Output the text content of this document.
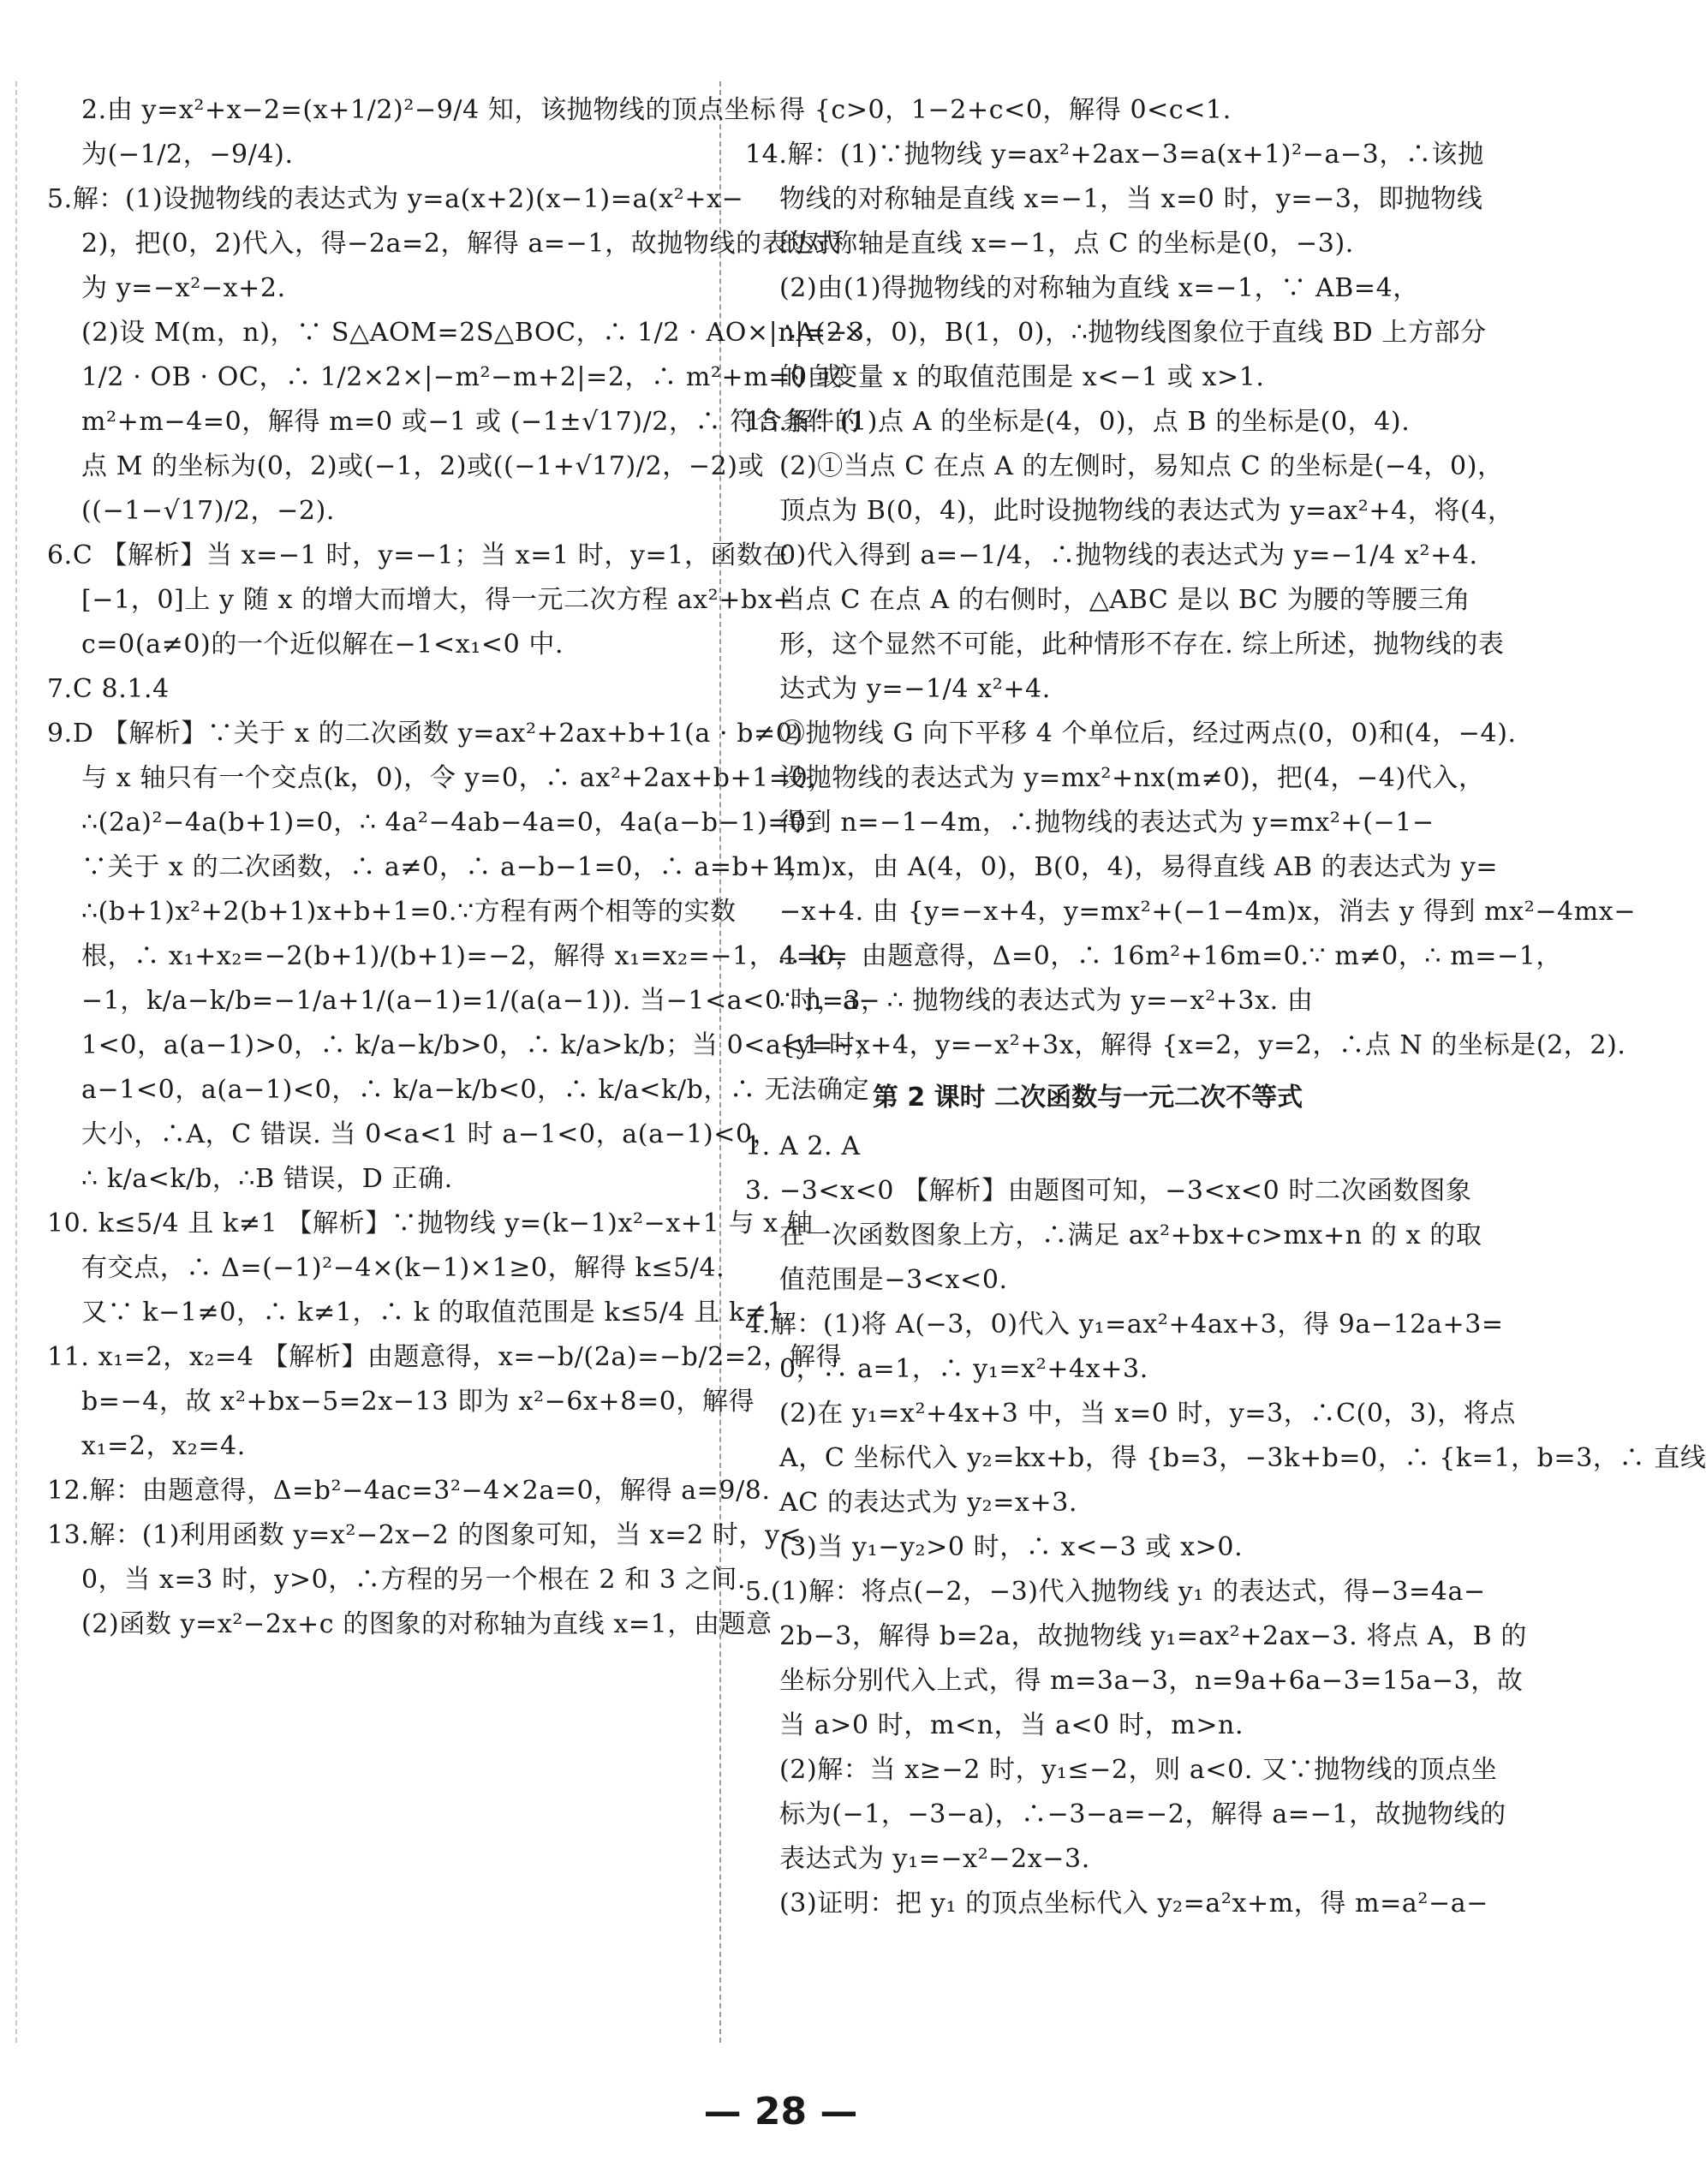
2.由 y=x²+x−2=(x+1/2)²−9/4 知，该抛物线的顶点坐标
为(−1/2，−9/4).
5.解：(1)设抛物线的表达式为 y=a(x+2)(x−1)=a(x²+x−
2)，把(0，2)代入，得−2a=2，解得 a=−1，故抛物线的表达式
为 y=−x²−x+2.
(2)设 M(m，n)，∵ S△AOM=2S△BOC，∴ 1/2 · AO×|n|=2×
1/2 · OB · OC，∴ 1/2×2×|−m²−m+2|=2，∴ m²+m=0 或
m²+m−4=0，解得 m=0 或−1 或 (−1±√17)/2，∴ 符合条件的
点 M 的坐标为(0，2)或(−1，2)或((−1+√17)/2，−2)或
((−1−√17)/2，−2).
6.C 【解析】当 x=−1 时，y=−1；当 x=1 时，y=1，函数在
[−1，0]上 y 随 x 的增大而增大，得一元二次方程 ax²+bx+
c=0(a≠0)的一个近似解在−1<x₁<0 中.
7.C 8.1.4
9.D 【解析】∵关于 x 的二次函数 y=ax²+2ax+b+1(a · b≠0)
与 x 轴只有一个交点(k，0)，令 y=0，∴ ax²+2ax+b+1=0，
∴(2a)²−4a(b+1)=0，∴ 4a²−4ab−4a=0，4a(a−b−1)=0.
∵关于 x 的二次函数，∴ a≠0，∴ a−b−1=0，∴ a=b+1，
∴(b+1)x²+2(b+1)x+b+1=0.∵方程有两个相等的实数
根，∴ x₁+x₂=−2(b+1)/(b+1)=−2，解得 x₁=x₂=−1，∴ k=
−1，k/a−k/b=−1/a+1/(a−1)=1/(a(a−1)). 当−1<a<0 时，a−
1<0，a(a−1)>0，∴ k/a−k/b>0，∴ k/a>k/b；当 0<a<1 时，
a−1<0，a(a−1)<0，∴ k/a−k/b<0，∴ k/a<k/b，∴ 无法确定
大小，∴A，C 错误. 当 0<a<1 时 a−1<0，a(a−1)<0，
∴ k/a<k/b，∴B 错误，D 正确.
10. k≤5/4 且 k≠1 【解析】∵抛物线 y=(k−1)x²−x+1 与 x 轴
有交点，∴ Δ=(−1)²−4×(k−1)×1≥0，解得 k≤5/4.
又∵ k−1≠0，∴ k≠1，∴ k 的取值范围是 k≤5/4 且 k≠1.
11. x₁=2，x₂=4 【解析】由题意得，x=−b/(2a)=−b/2=2，解得
b=−4，故 x²+bx−5=2x−13 即为 x²−6x+8=0，解得
x₁=2，x₂=4.
12.解：由题意得，Δ=b²−4ac=3²−4×2a=0，解得 a=9/8.
13.解：(1)利用函数 y=x²−2x−2 的图象可知，当 x=2 时，y<
0，当 x=3 时，y>0，∴方程的另一个根在 2 和 3 之间.
(2)函数 y=x²−2x+c 的图象的对称轴为直线 x=1，由题意
得 {c>0，1−2+c<0，解得 0<c<1.
14.解：(1)∵抛物线 y=ax²+2ax−3=a(x+1)²−a−3，∴该抛
物线的对称轴是直线 x=−1，当 x=0 时，y=−3，即抛物线
的对称轴是直线 x=−1，点 C 的坐标是(0，−3).
(2)由(1)得抛物线的对称轴为直线 x=−1，∵ AB=4，
∴A(−3，0)，B(1，0)，∴抛物线图象位于直线 BD 上方部分
的自变量 x 的取值范围是 x<−1 或 x>1.
15.解：(1)点 A 的坐标是(4，0)，点 B 的坐标是(0，4).
(2)①当点 C 在点 A 的左侧时，易知点 C 的坐标是(−4，0)，
顶点为 B(0，4)，此时设抛物线的表达式为 y=ax²+4，将(4，
0)代入得到 a=−1/4，∴抛物线的表达式为 y=−1/4 x²+4.
当点 C 在点 A 的右侧时，△ABC 是以 BC 为腰的等腰三角
形，这个显然不可能，此种情形不存在. 综上所述，抛物线的表
达式为 y=−1/4 x²+4.
②抛物线 G 向下平移 4 个单位后，经过两点(0，0)和(4，−4).
设抛物线的表达式为 y=mx²+nx(m≠0)，把(4，−4)代入，
得到 n=−1−4m，∴抛物线的表达式为 y=mx²+(−1−
4m)x，由 A(4，0)，B(0，4)，易得直线 AB 的表达式为 y=
−x+4. 由 {y=−x+4，y=mx²+(−1−4m)x，消去 y 得到 mx²−4mx−
4=0，由题意得，Δ=0，∴ 16m²+16m=0.∵ m≠0，∴ m=−1，
∴ n=3，∴ 抛物线的表达式为 y=−x²+3x. 由
{y=−x+4，y=−x²+3x，解得 {x=2，y=2，∴点 N 的坐标是(2，2).
第 2 课时 二次函数与一元二次不等式
1. A 2. A
3. −3<x<0 【解析】由题图可知，−3<x<0 时二次函数图象
在一次函数图象上方，∴满足 ax²+bx+c>mx+n 的 x 的取
值范围是−3<x<0.
4.解：(1)将 A(−3，0)代入 y₁=ax²+4ax+3，得 9a−12a+3=
0，∴ a=1，∴ y₁=x²+4x+3.
(2)在 y₁=x²+4x+3 中，当 x=0 时，y=3，∴C(0，3)，将点
A，C 坐标代入 y₂=kx+b，得 {b=3，−3k+b=0，∴ {k=1，b=3，∴ 直线
AC 的表达式为 y₂=x+3.
(3)当 y₁−y₂>0 时，∴ x<−3 或 x>0.
5.(1)解：将点(−2，−3)代入抛物线 y₁ 的表达式，得−3=4a−
2b−3，解得 b=2a，故抛物线 y₁=ax²+2ax−3. 将点 A，B 的
坐标分别代入上式，得 m=3a−3，n=9a+6a−3=15a−3，故
当 a>0 时，m<n，当 a<0 时，m>n.
(2)解：当 x≥−2 时，y₁≤−2，则 a<0. 又∵抛物线的顶点坐
标为(−1，−3−a)，∴−3−a=−2，解得 a=−1，故抛物线的
表达式为 y₁=−x²−2x−3.
(3)证明：把 y₁ 的顶点坐标代入 y₂=a²x+m，得 m=a²−a−
— 28 —
